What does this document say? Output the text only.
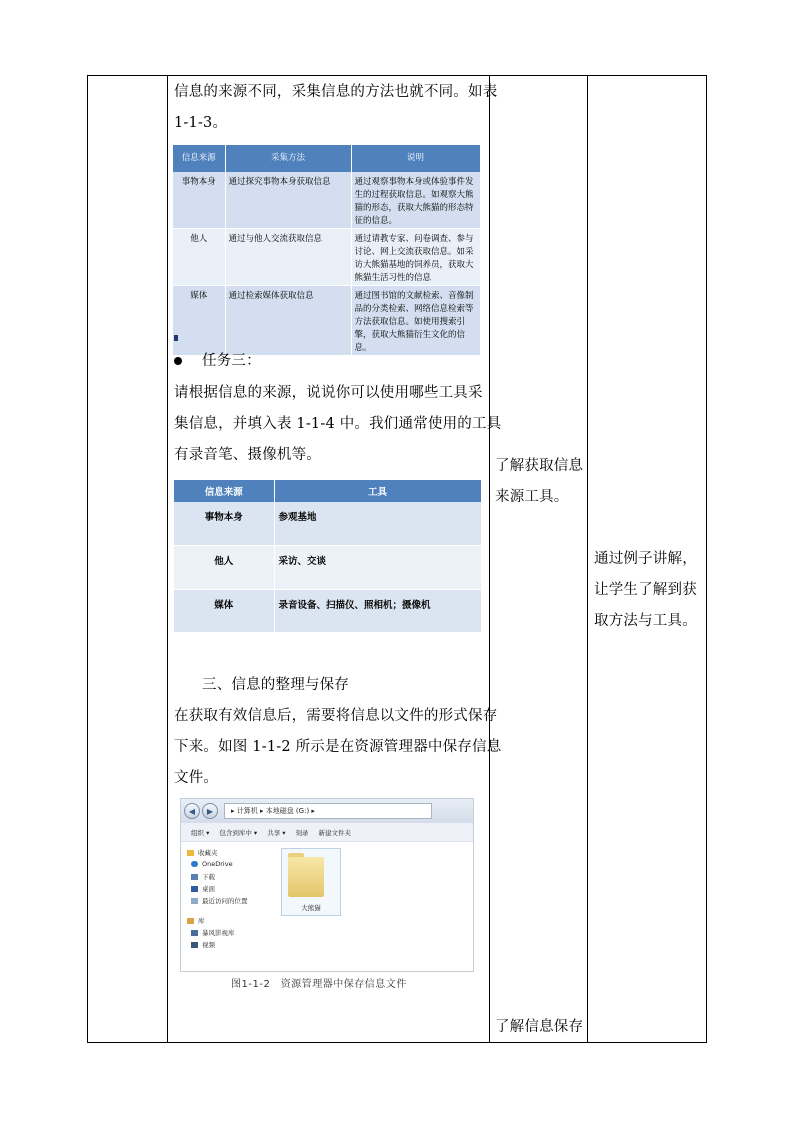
信息的来源不同，采集信息的方法也就不同。如表
1-1-3。
信息来源	采集方法	说明
事物本身	通过探究事物本身获取信息	通过观察事物本身或体验事件发生的过程获取信息。如观察大熊猫的形态，获取大熊猫的形态特征的信息。
他人	通过与他人交流获取信息	通过请教专家、问卷调查、参与讨论、网上交流获取信息。如采访大熊猫基地的饲养员，获取大熊猫生活习性的信息
媒体	通过检索媒体获取信息	通过图书馆的文献检索、音像制品的分类检索、网络信息检索等方法获取信息。如使用搜索引擎，获取大熊猫衍生文化的信息。
任务三：
请根据信息的来源，说说你可以使用哪些工具采
集信息，并填入表 1-1-4 中。我们通常使用的工具
有录音笔、摄像机等。
信息来源	工具
事物本身	参观基地
他人	采访、交谈
媒体	录音设备、扫描仪、照相机；摄像机
三、信息的整理与保存
在获取有效信息后，需要将信息以文件的形式保存
下来。如图 1-1-2 所示是在资源管理器中保存信息
文件。
◀	▶	▸ 计算机 ▸ 本地磁盘 (G:) ▸
组织 ▾ 包含到库中 ▾ 共享 ▾ 刻录 新建文件夹
收藏夹
OneDrive
下载
桌面
最近访问的位置
库
暴风影视库
视频
大熊猫
图1-1-2　资源管理器中保存信息文件
了解获取信息
来源工具。
了解信息保存
通过例子讲解，
让学生了解到获
取方法与工具。
